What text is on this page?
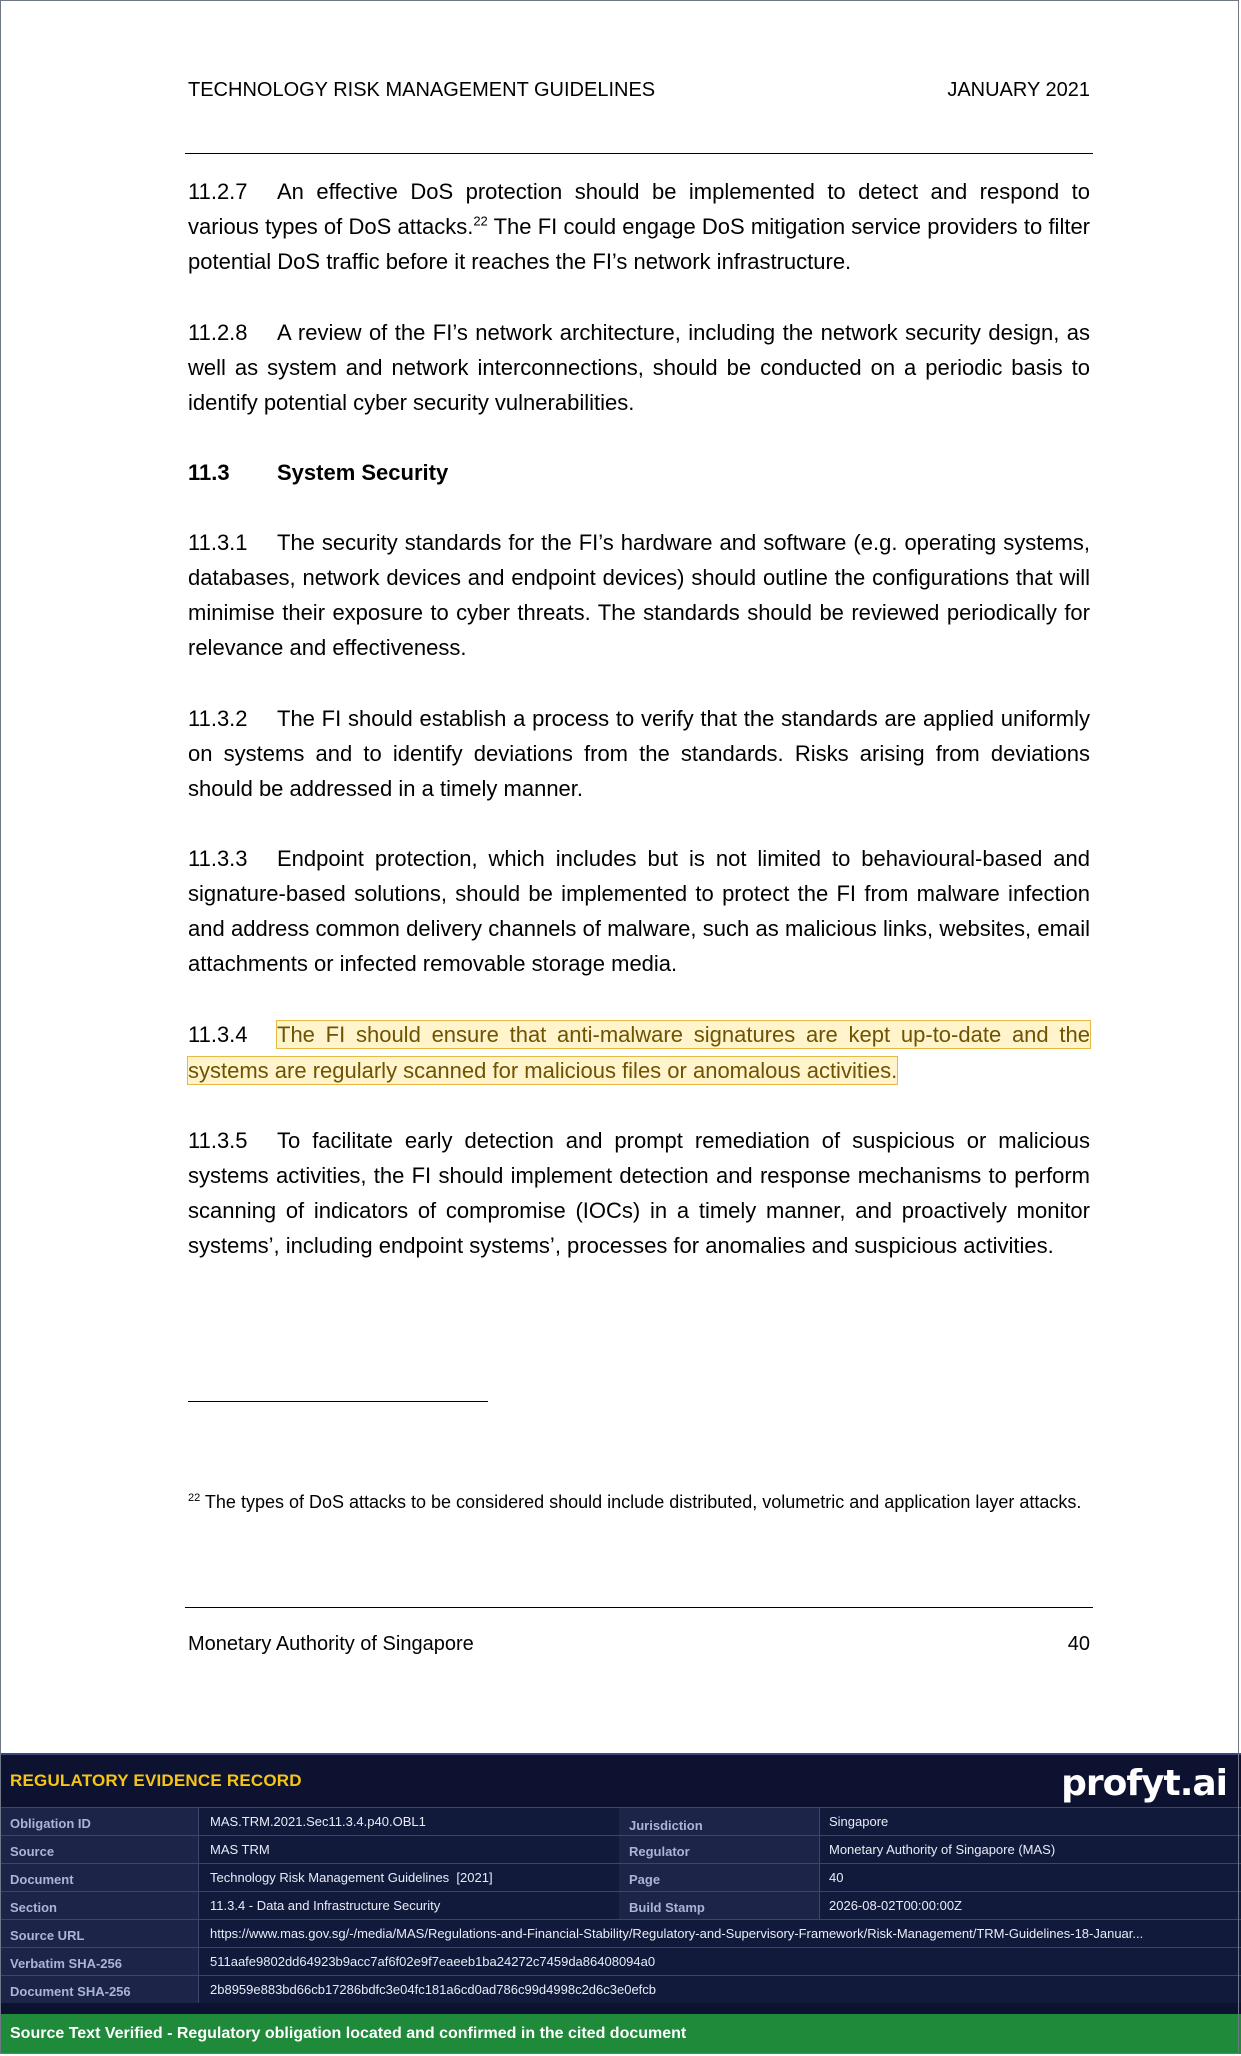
TECHNOLOGY RISK MANAGEMENT GUIDELINES	JANUARY 2021
11.2.7 An effective DoS protection should be implemented to detect and respond to various types of DoS attacks.$^{22}$ The FI could engage DoS mitigation service providers to filter potential DoS traffic before it reaches the FI’s network infrastructure.
11.2.8 A review of the FI’s network architecture, including the network security design, as well as system and network interconnections, should be conducted on a periodic basis to identify potential cyber security vulnerabilities.
11.3 System Security
11.3.1 The security standards for the FI’s hardware and software (e.g. operating systems, databases, network devices and endpoint devices) should outline the configurations that will minimise their exposure to cyber threats. The standards should be reviewed periodically for relevance and effectiveness.
11.3.2 The FI should establish a process to verify that the standards are applied uniformly on systems and to identify deviations from the standards. Risks arising from deviations should be addressed in a timely manner.
11.3.3 Endpoint protection, which includes but is not limited to behavioural-based and signature-based solutions, should be implemented to protect the FI from malware infection and address common delivery channels of malware, such as malicious links, websites, email attachments or infected removable storage media.
11.3.4 The FI should ensure that anti-malware signatures are kept up-to-date and the systems are regularly scanned for malicious files or anomalous activities.
11.3.5 To facilitate early detection and prompt remediation of suspicious or malicious systems activities, the FI should implement detection and response mechanisms to perform scanning of indicators of compromise (IOCs) in a timely manner, and proactively monitor systems’, including endpoint systems’, processes for anomalies and suspicious activities.
$^{22}$ The types of DoS attacks to be considered should include distributed, volumetric and application layer attacks.
Monetary Authority of Singapore	40
REGULATORY EVIDENCE RECORD	profyt.ai
Obligation ID	MAS.TRM.2021.Sec11.3.4.p40.OBL1	Jurisdiction	Singapore
Source	MAS TRM	Regulator	Monetary Authority of Singapore (MAS)
Document	Technology Risk Management Guidelines  [2021]	Page	40
Section	11.3.4 - Data and Infrastructure Security	Build Stamp	2026-08-02T00:00:00Z
Source URL	https://www.mas.gov.sg/-/media/MAS/Regulations-and-Financial-Stability/Regulatory-and-Supervisory-Framework/Risk-Management/TRM-Guidelines-18-Januar...
Verbatim SHA-256	511aafe9802dd64923b9acc7af6f02e9f7eaeeb1ba24272c7459da86408094a0
Document SHA-256	2b8959e883bd66cb17286bdfc3e04fc181a6cd0ad786c99d4998c2d6c3e0efcb
Source Text Verified - Regulatory obligation located and confirmed in the cited document
